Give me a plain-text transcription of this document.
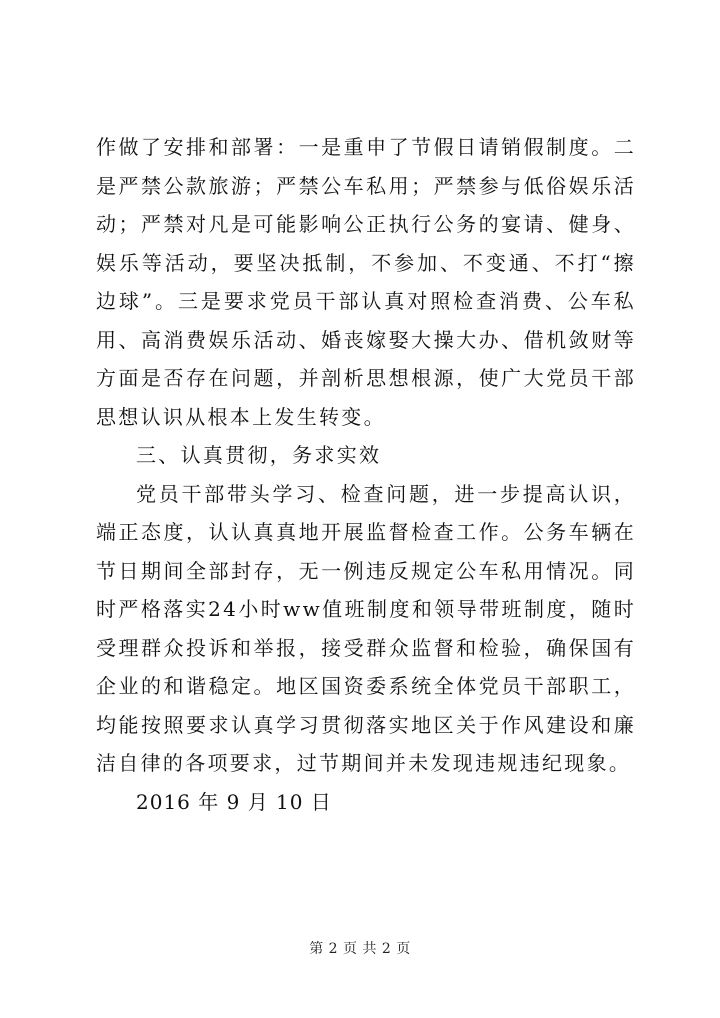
作做了安排和部署：一是重申了节假日请销假制度。二是严禁公款旅游；严禁公车私用；严禁参与低俗娱乐活动；严禁对凡是可能影响公正执行公务的宴请、健身、娱乐等活动，要坚决抵制，不参加、不变通、不打“擦边球”。三是要求党员干部认真对照检查消费、公车私用、高消费娱乐活动、婚丧嫁娶大操大办、借机敛财等方面是否存在问题，并剖析思想根源，使广大党员干部思想认识从根本上发生转变。

三、认真贯彻，务求实效

党员干部带头学习、检查问题，进一步提高认识，端正态度，认认真真地开展监督检查工作。公务车辆在节日期间全部封存，无一例违反规定公车私用情况。同时严格落实24小时ww值班制度和领导带班制度，随时受理群众投诉和举报，接受群众监督和检验，确保国有企业的和谐稳定。地区国资委系统全体党员干部职工，均能按照要求认真学习贯彻落实地区关于作风建设和廉洁自律的各项要求，过节期间并未发现违规违纪现象。

2016 年 9 月 10 日

第 2 页 共 2 页
